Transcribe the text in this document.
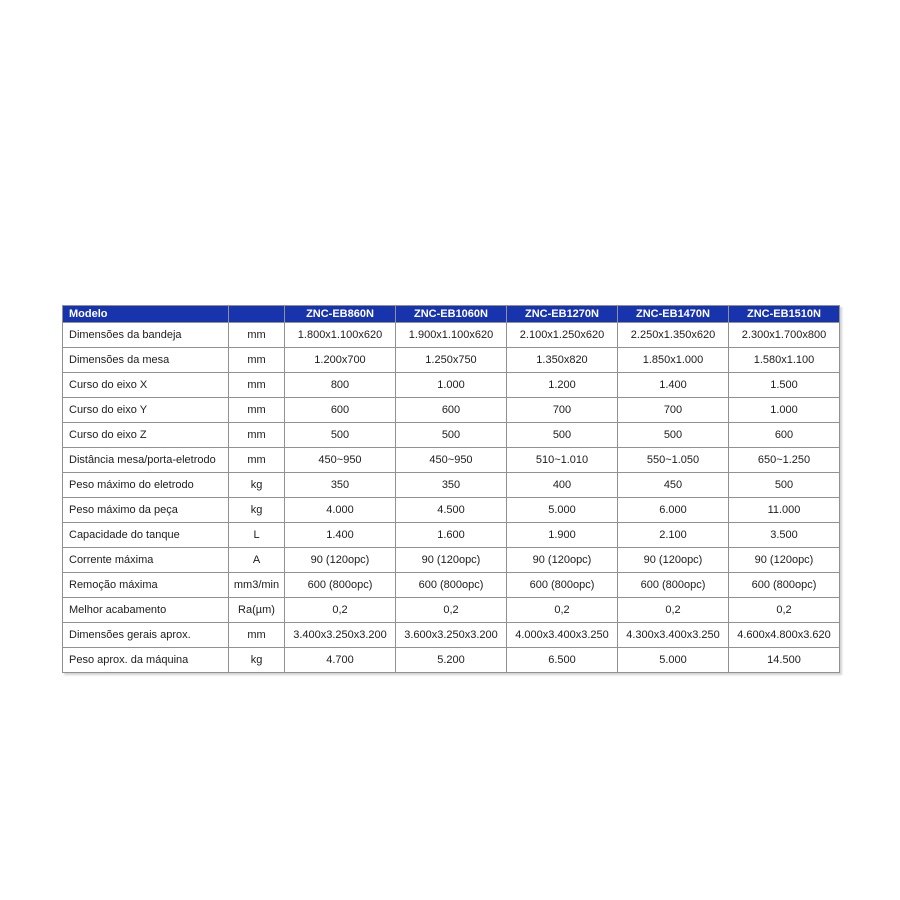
Modelo		ZNC-EB860N	ZNC-EB1060N	ZNC-EB1270N	ZNC-EB1470N	ZNC-EB1510N
Dimensões da bandeja	mm	1.800x1.100x620	1.900x1.100x620	2.100x1.250x620	2.250x1.350x620	2.300x1.700x800
Dimensões da mesa	mm	1.200x700	1.250x750	1.350x820	1.850x1.000	1.580x1.100
Curso do eixo X	mm	800	1.000	1.200	1.400	1.500
Curso do eixo Y	mm	600	600	700	700	1.000
Curso do eixo Z	mm	500	500	500	500	600
Distância mesa/porta-eletrodo	mm	450~950	450~950	510~1.010	550~1.050	650~1.250
Peso máximo do eletrodo	kg	350	350	400	450	500
Peso máximo da peça	kg	4.000	4.500	5.000	6.000	11.000
Capacidade do tanque	L	1.400	1.600	1.900	2.100	3.500
Corrente máxima	A	90 (120opc)	90 (120opc)	90 (120opc)	90 (120opc)	90 (120opc)
Remoção máxima	mm3/min	600 (800opc)	600 (800opc)	600 (800opc)	600 (800opc)	600 (800opc)
Melhor acabamento	Ra(µm)	0,2	0,2	0,2	0,2	0,2
Dimensões gerais aprox.	mm	3.400x3.250x3.200	3.600x3.250x3.200	4.000x3.400x3.250	4.300x3.400x3.250	4.600x4.800x3.620
Peso aprox. da máquina	kg	4.700	5.200	6.500	5.000	14.500
